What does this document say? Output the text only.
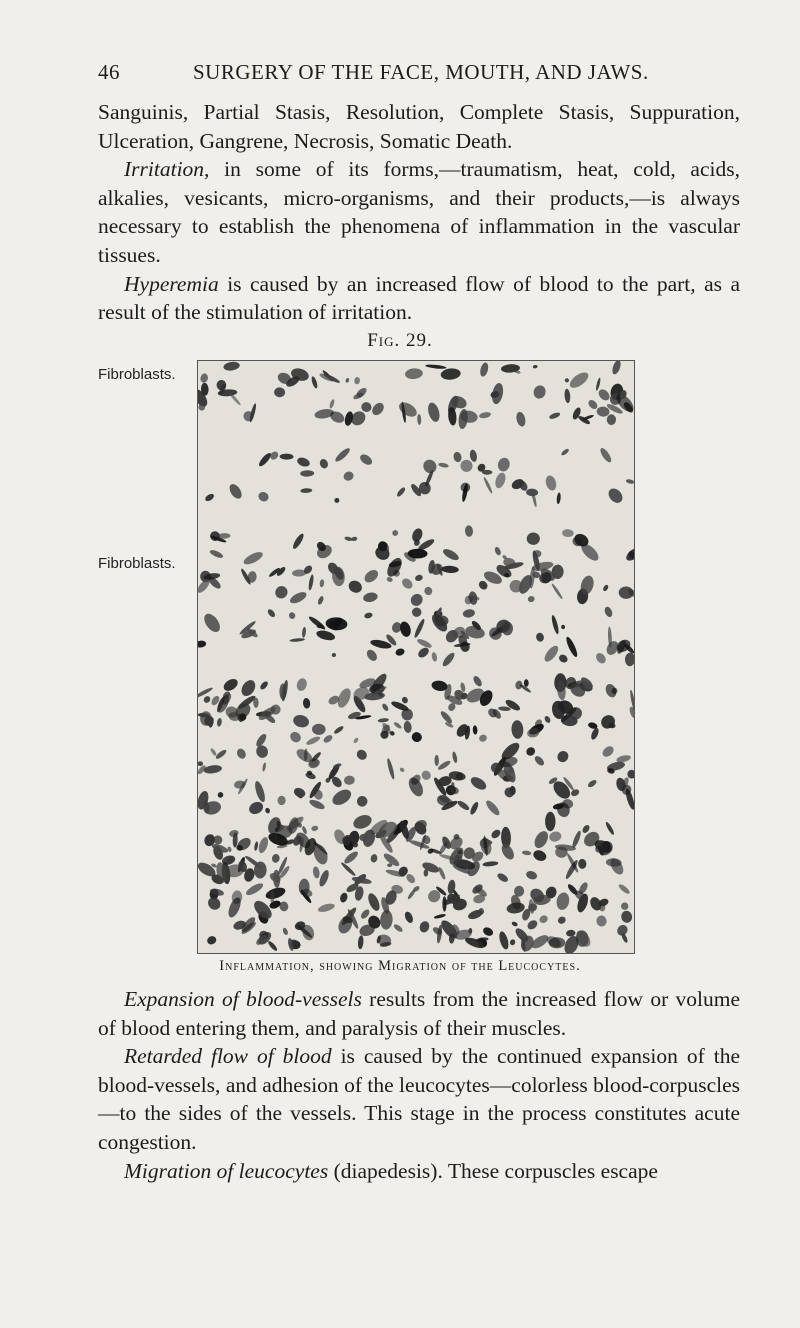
46	SURGERY OF THE FACE, MOUTH, AND JAWS.

Sanguinis, Partial Stasis, Resolution, Complete Stasis, Suppuration, Ulceration, Gangrene, Necrosis, Somatic Death.

Irritation, in some of its forms,—traumatism, heat, cold, acids, alkalies, vesicants, micro-organisms, and their products,—is always necessary to establish the phenomena of inflammation in the vascular tissues.

Hyperemia is caused by an increased flow of blood to the part, as a result of the stimulation of irritation.

Fig. 29.
Fibroblasts.
Fibroblasts.
Inflammation, showing Migration of the Leucocytes.

Expansion of blood-vessels results from the increased flow or volume of blood entering them, and paralysis of their muscles.

Retarded flow of blood is caused by the continued expansion of the blood-vessels, and adhesion of the leucocytes—colorless blood-corpuscles—to the sides of the vessels. This stage in the process constitutes acute congestion.

Migration of leucocytes (diapedesis). These corpuscles escape
